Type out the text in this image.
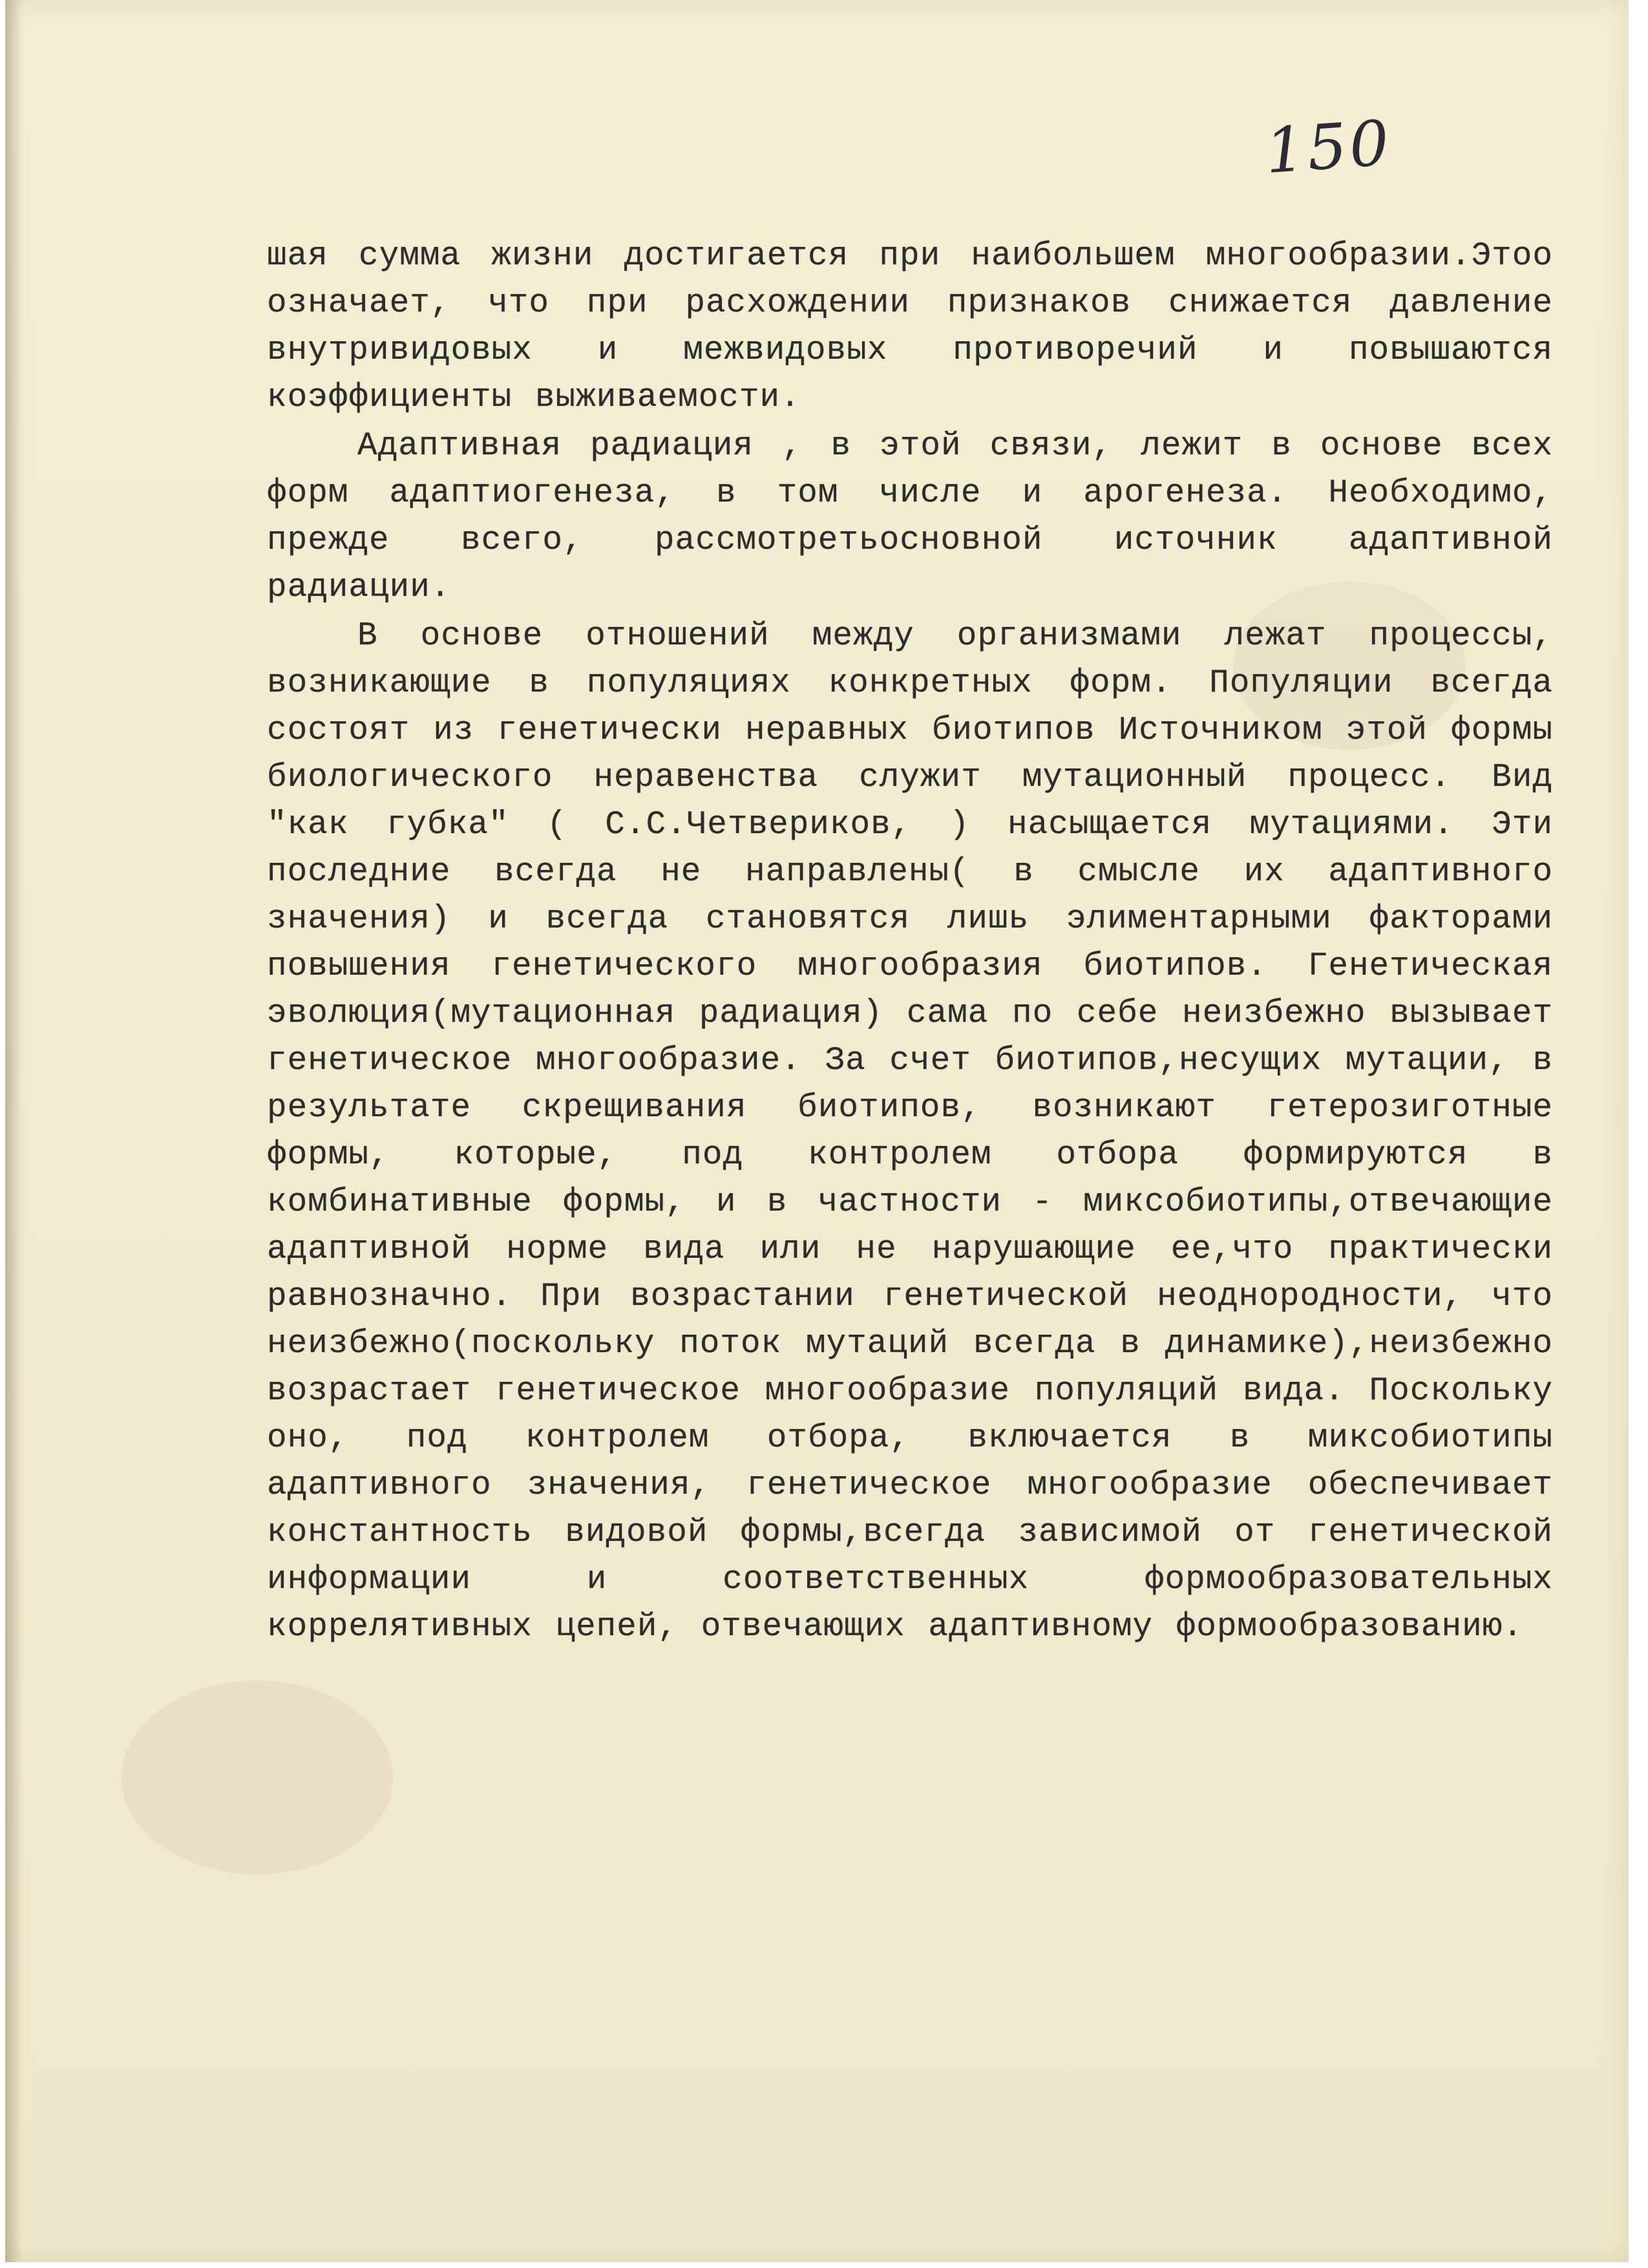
150

шая сумма жизни достигается при наибольшем многообразии.Этоо означает, что при расхождении признаков снижается давление внутривидовых и межвидовых противоречий и повышаются коэффициенты выживаемости.

Адаптивная радиация , в этой связи, лежит в основе всех форм адаптиогенеза, в том числе и арогенеза. Необходимо, прежде всего, рассмотретьосновной источник адаптивной радиации.

В основе отношений между организмами лежат процессы, возникающие в популяциях конкретных форм. Популяции всегда состоят из генетически неравных биотипов Источником этой формы биологического неравенства служит мутационный процесс. Вид "как губка" ( С.С.Четвериков, ) насыщается мутациями. Эти последние всегда не направлены( в смысле их адаптивного значения) и всегда становятся лишь элиментарными факторами повышения генетического многообразия биотипов. Генетическая эволюция(мутационная радиация) сама по себе неизбежно вызывает генетическое многообразие. За счет биотипов,несущих мутации, в результате скрещивания биотипов, возникают гетерозиготные формы, которые, под контролем отбора формируются в комбинативные формы, и в частности - миксобиотипы,отвечающие адаптивной норме вида или не нарушающие ее,что практически равнозначно. При возрастании генетической неоднородности, что неизбежно(поскольку поток мутаций всегда в динамике),неизбежно возрастает генетическое многообразие популяций вида. Поскольку оно, под контролем отбора, включается в миксобиотипы адаптивного значения, генетическое многообразие обеспечивает константность видовой формы,всегда зависимой от генетической информации и соответственных формообразовательных коррелятивных цепей, отвечающих адаптивному формообразованию.
